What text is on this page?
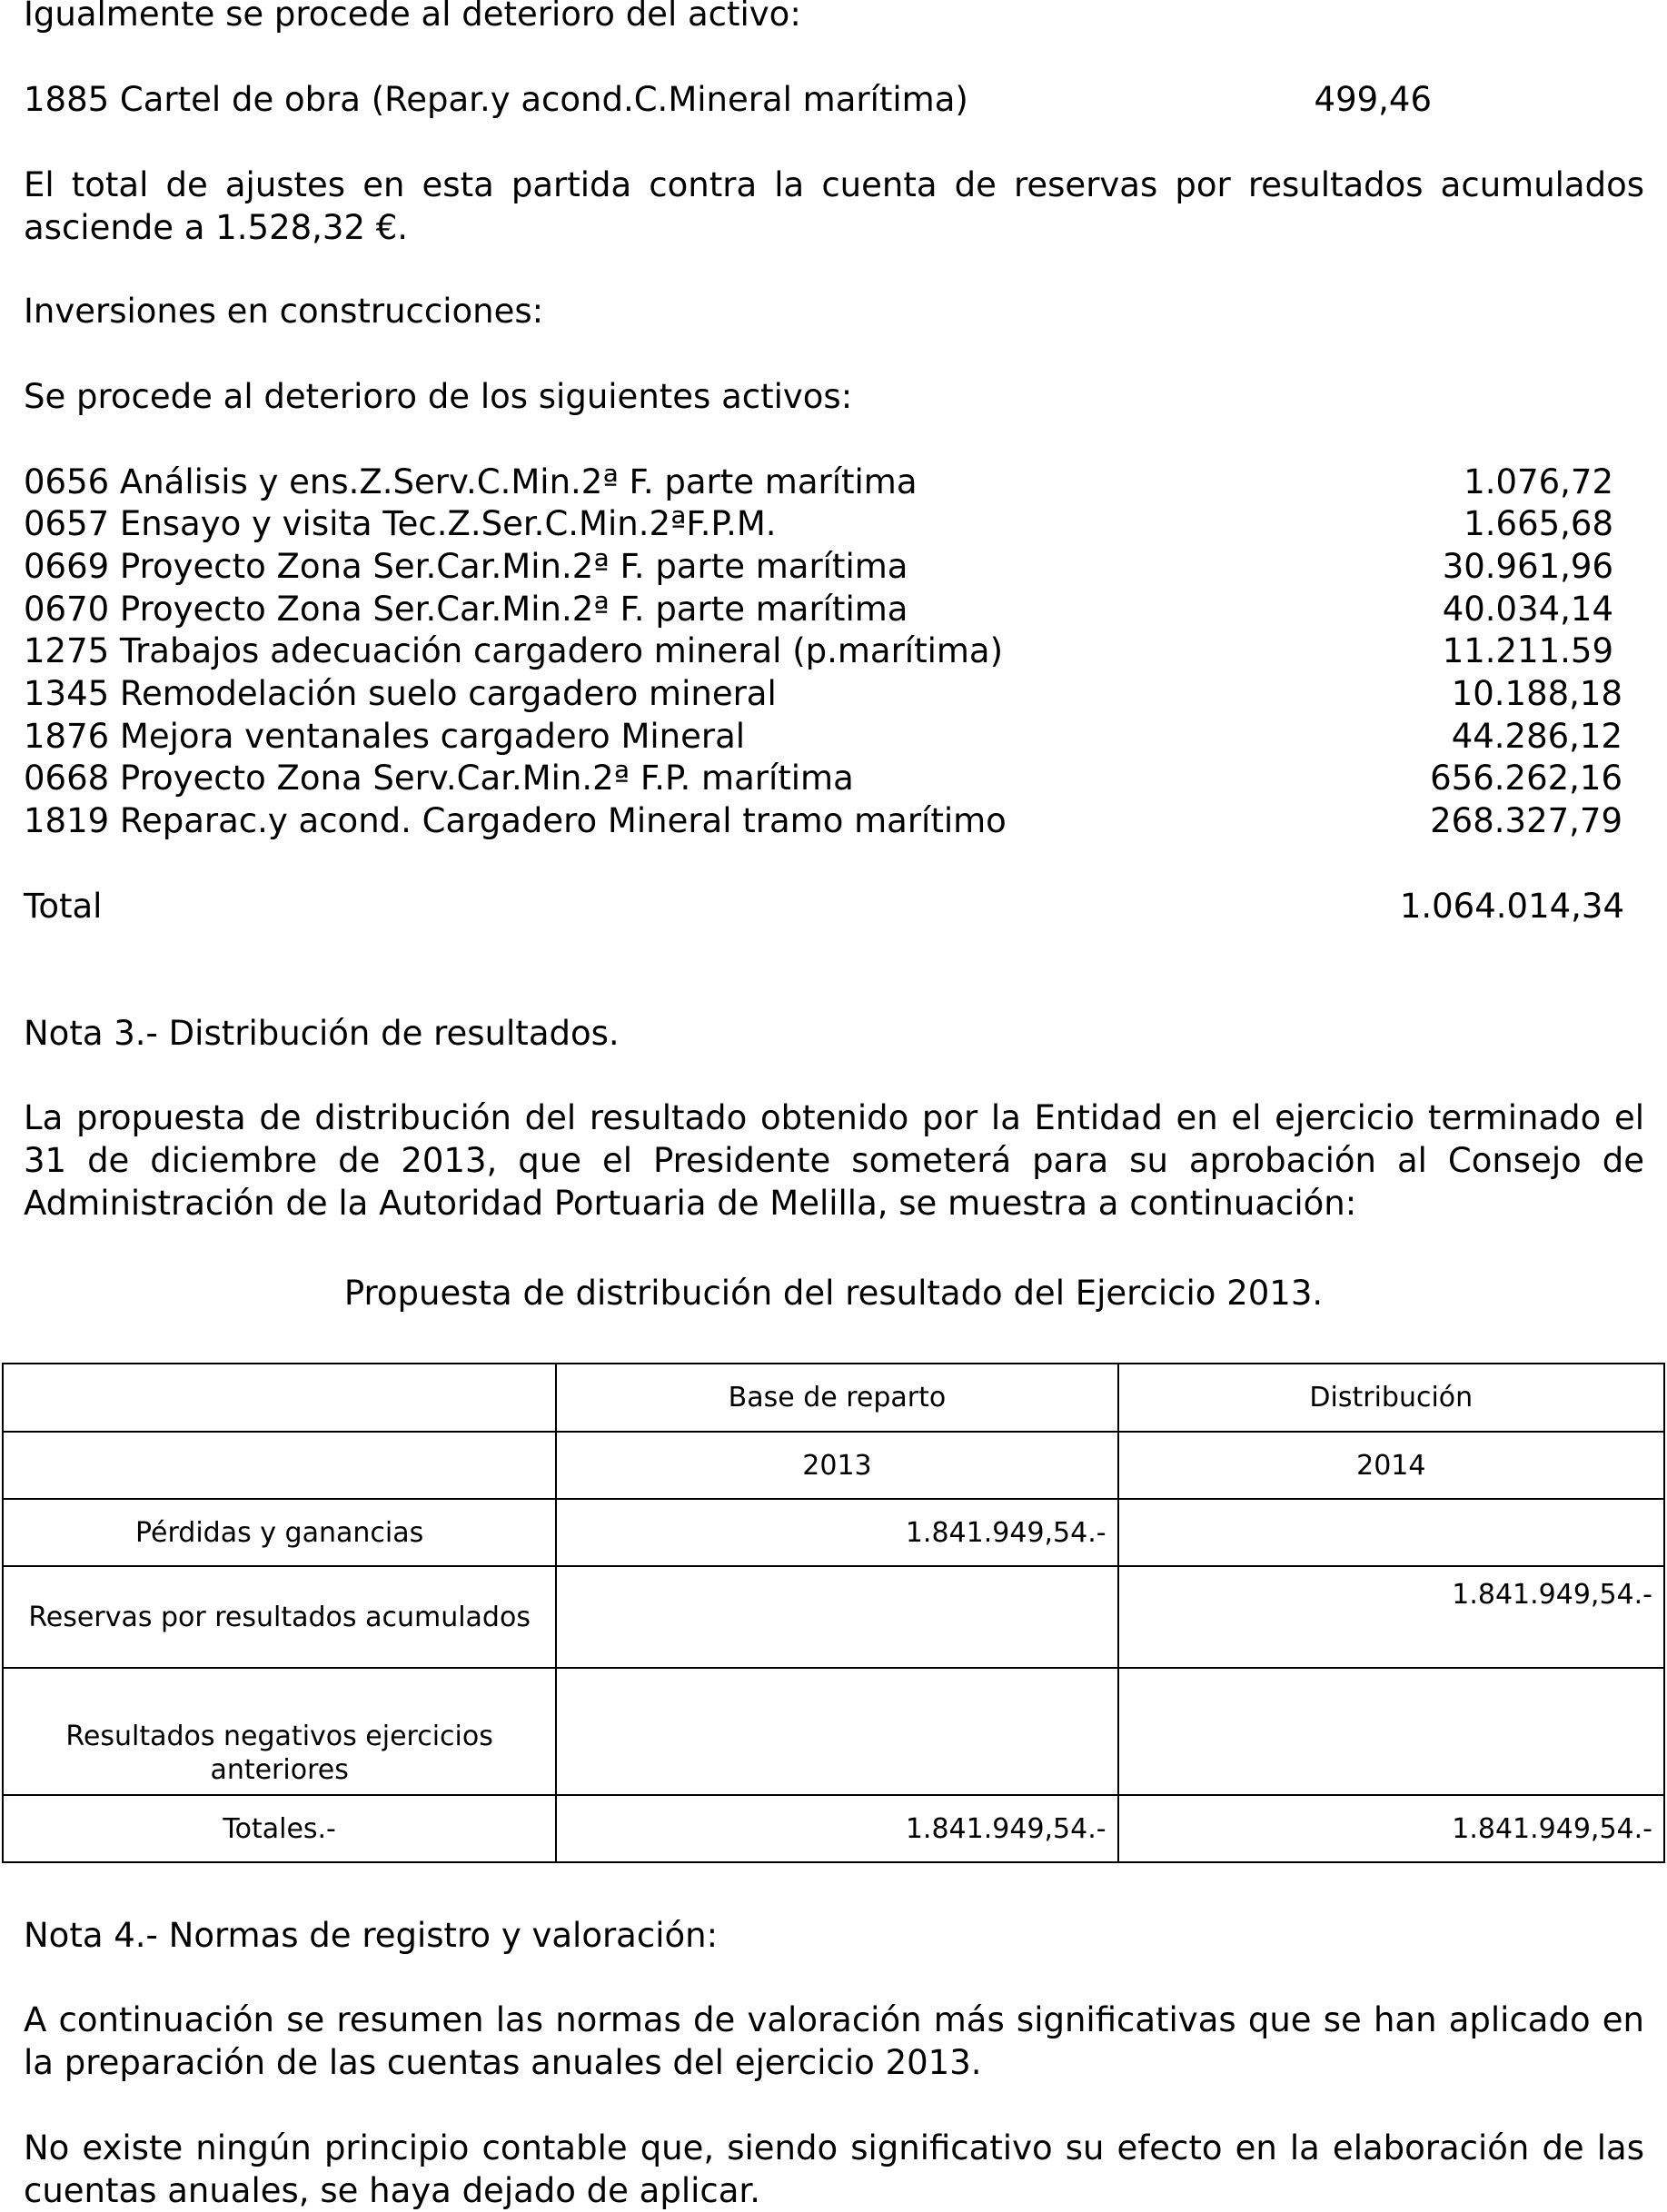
Igualmente se procede al deterioro del activo:
1885 Cartel de obra (Repar.y acond.C.Mineral marítima)	499,46
El total de ajustes en esta partida contra la cuenta de reservas por resultados acumulados asciende a 1.528,32 €.
Inversiones en construcciones:
Se procede al deterioro de los siguientes activos:
0656 Análisis y ens.Z.Serv.C.Min.2ª F. parte marítima	1.076,72
0657 Ensayo y visita Tec.Z.Ser.C.Min.2ªF.P.M.	1.665,68
0669 Proyecto Zona Ser.Car.Min.2ª F. parte marítima	30.961,96
0670 Proyecto Zona Ser.Car.Min.2ª F. parte marítima	40.034,14
1275 Trabajos adecuación cargadero mineral (p.marítima)	11.211.59
1345 Remodelación suelo cargadero mineral	10.188,18
1876 Mejora ventanales cargadero Mineral	44.286,12
0668 Proyecto Zona Serv.Car.Min.2ª F.P. marítima	656.262,16
1819 Reparac.y acond. Cargadero Mineral tramo marítimo	268.327,79
Total	1.064.014,34
Nota 3.- Distribución de resultados.
La propuesta de distribución del resultado obtenido por la Entidad en el ejercicio terminado el 31 de diciembre de 2013, que el Presidente someterá para su aprobación al Consejo de Administración de la Autoridad Portuaria de Melilla, se muestra a continuación:
Propuesta de distribución del resultado del Ejercicio 2013.
	Base de reparto	Distribución
	2013	2014
Pérdidas y ganancias	1.841.949,54.-	
Reservas por resultados acumulados		1.841.949,54.-
Resultados negativos ejercicios anteriores		
Totales.-	1.841.949,54.-	1.841.949,54.-
Nota 4.- Normas de registro y valoración:
A continuación se resumen las normas de valoración más significativas que se han aplicado en la preparación de las cuentas anuales del ejercicio 2013.
No existe ningún principio contable que, siendo significativo su efecto en la elaboración de las cuentas anuales, se haya dejado de aplicar.
